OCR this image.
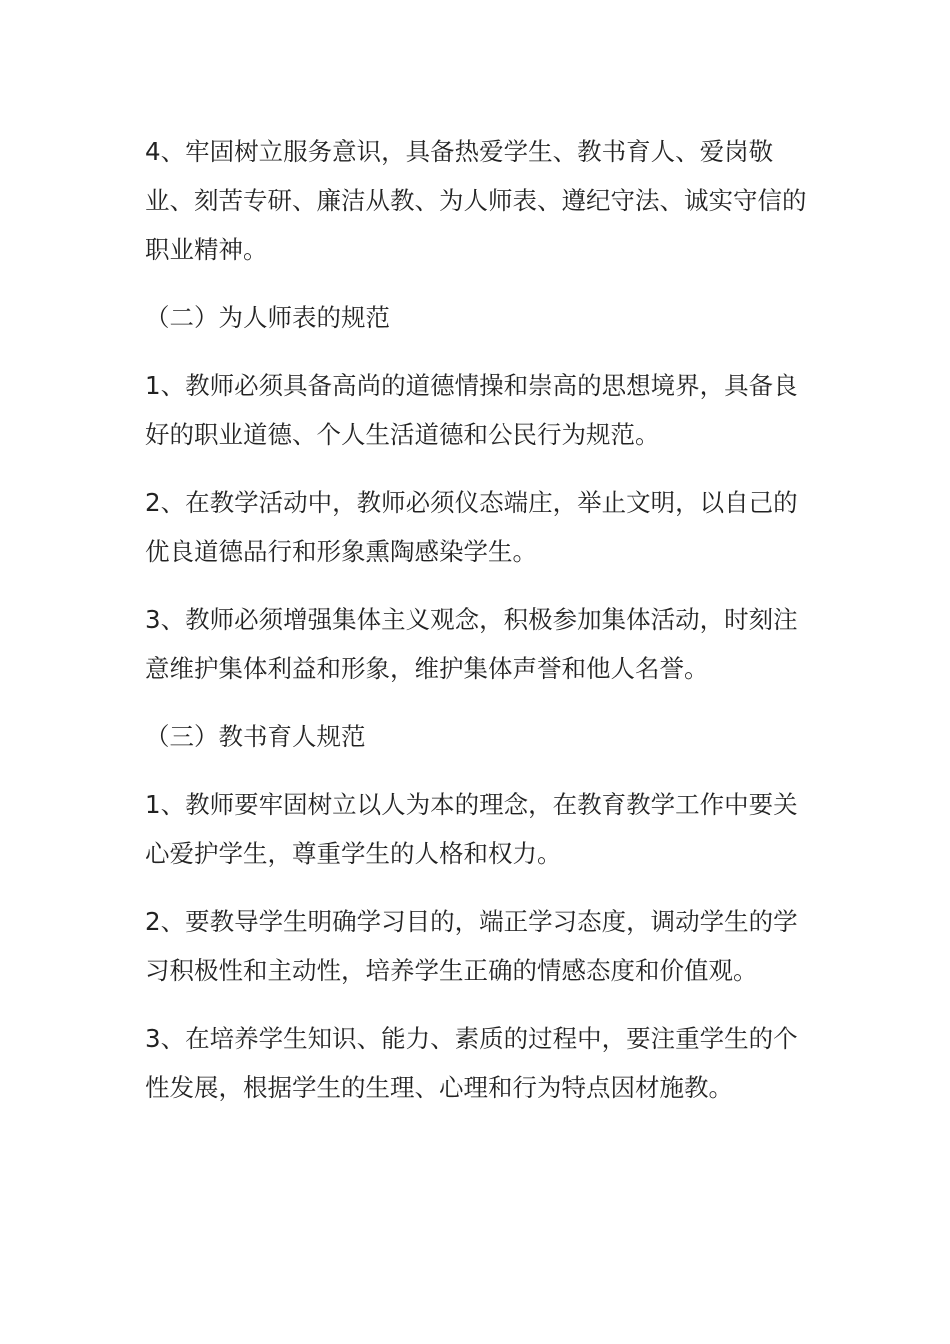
4、牢固树立服务意识，具备热爱学生、教书育人、爱岗敬业、刻苦专研、廉洁从教、为人师表、遵纪守法、诚实守信的职业精神。

（二）为人师表的规范

1、教师必须具备高尚的道德情操和崇高的思想境界，具备良好的职业道德、个人生活道德和公民行为规范。

2、在教学活动中，教师必须仪态端庄，举止文明，以自己的优良道德品行和形象熏陶感染学生。

3、教师必须增强集体主义观念，积极参加集体活动，时刻注意维护集体利益和形象，维护集体声誉和他人名誉。

（三）教书育人规范

1、教师要牢固树立以人为本的理念，在教育教学工作中要关心爱护学生，尊重学生的人格和权力。

2、要教导学生明确学习目的，端正学习态度，调动学生的学习积极性和主动性，培养学生正确的情感态度和价值观。

3、在培养学生知识、能力、素质的过程中，要注重学生的个性发展，根据学生的生理、心理和行为特点因材施教。
